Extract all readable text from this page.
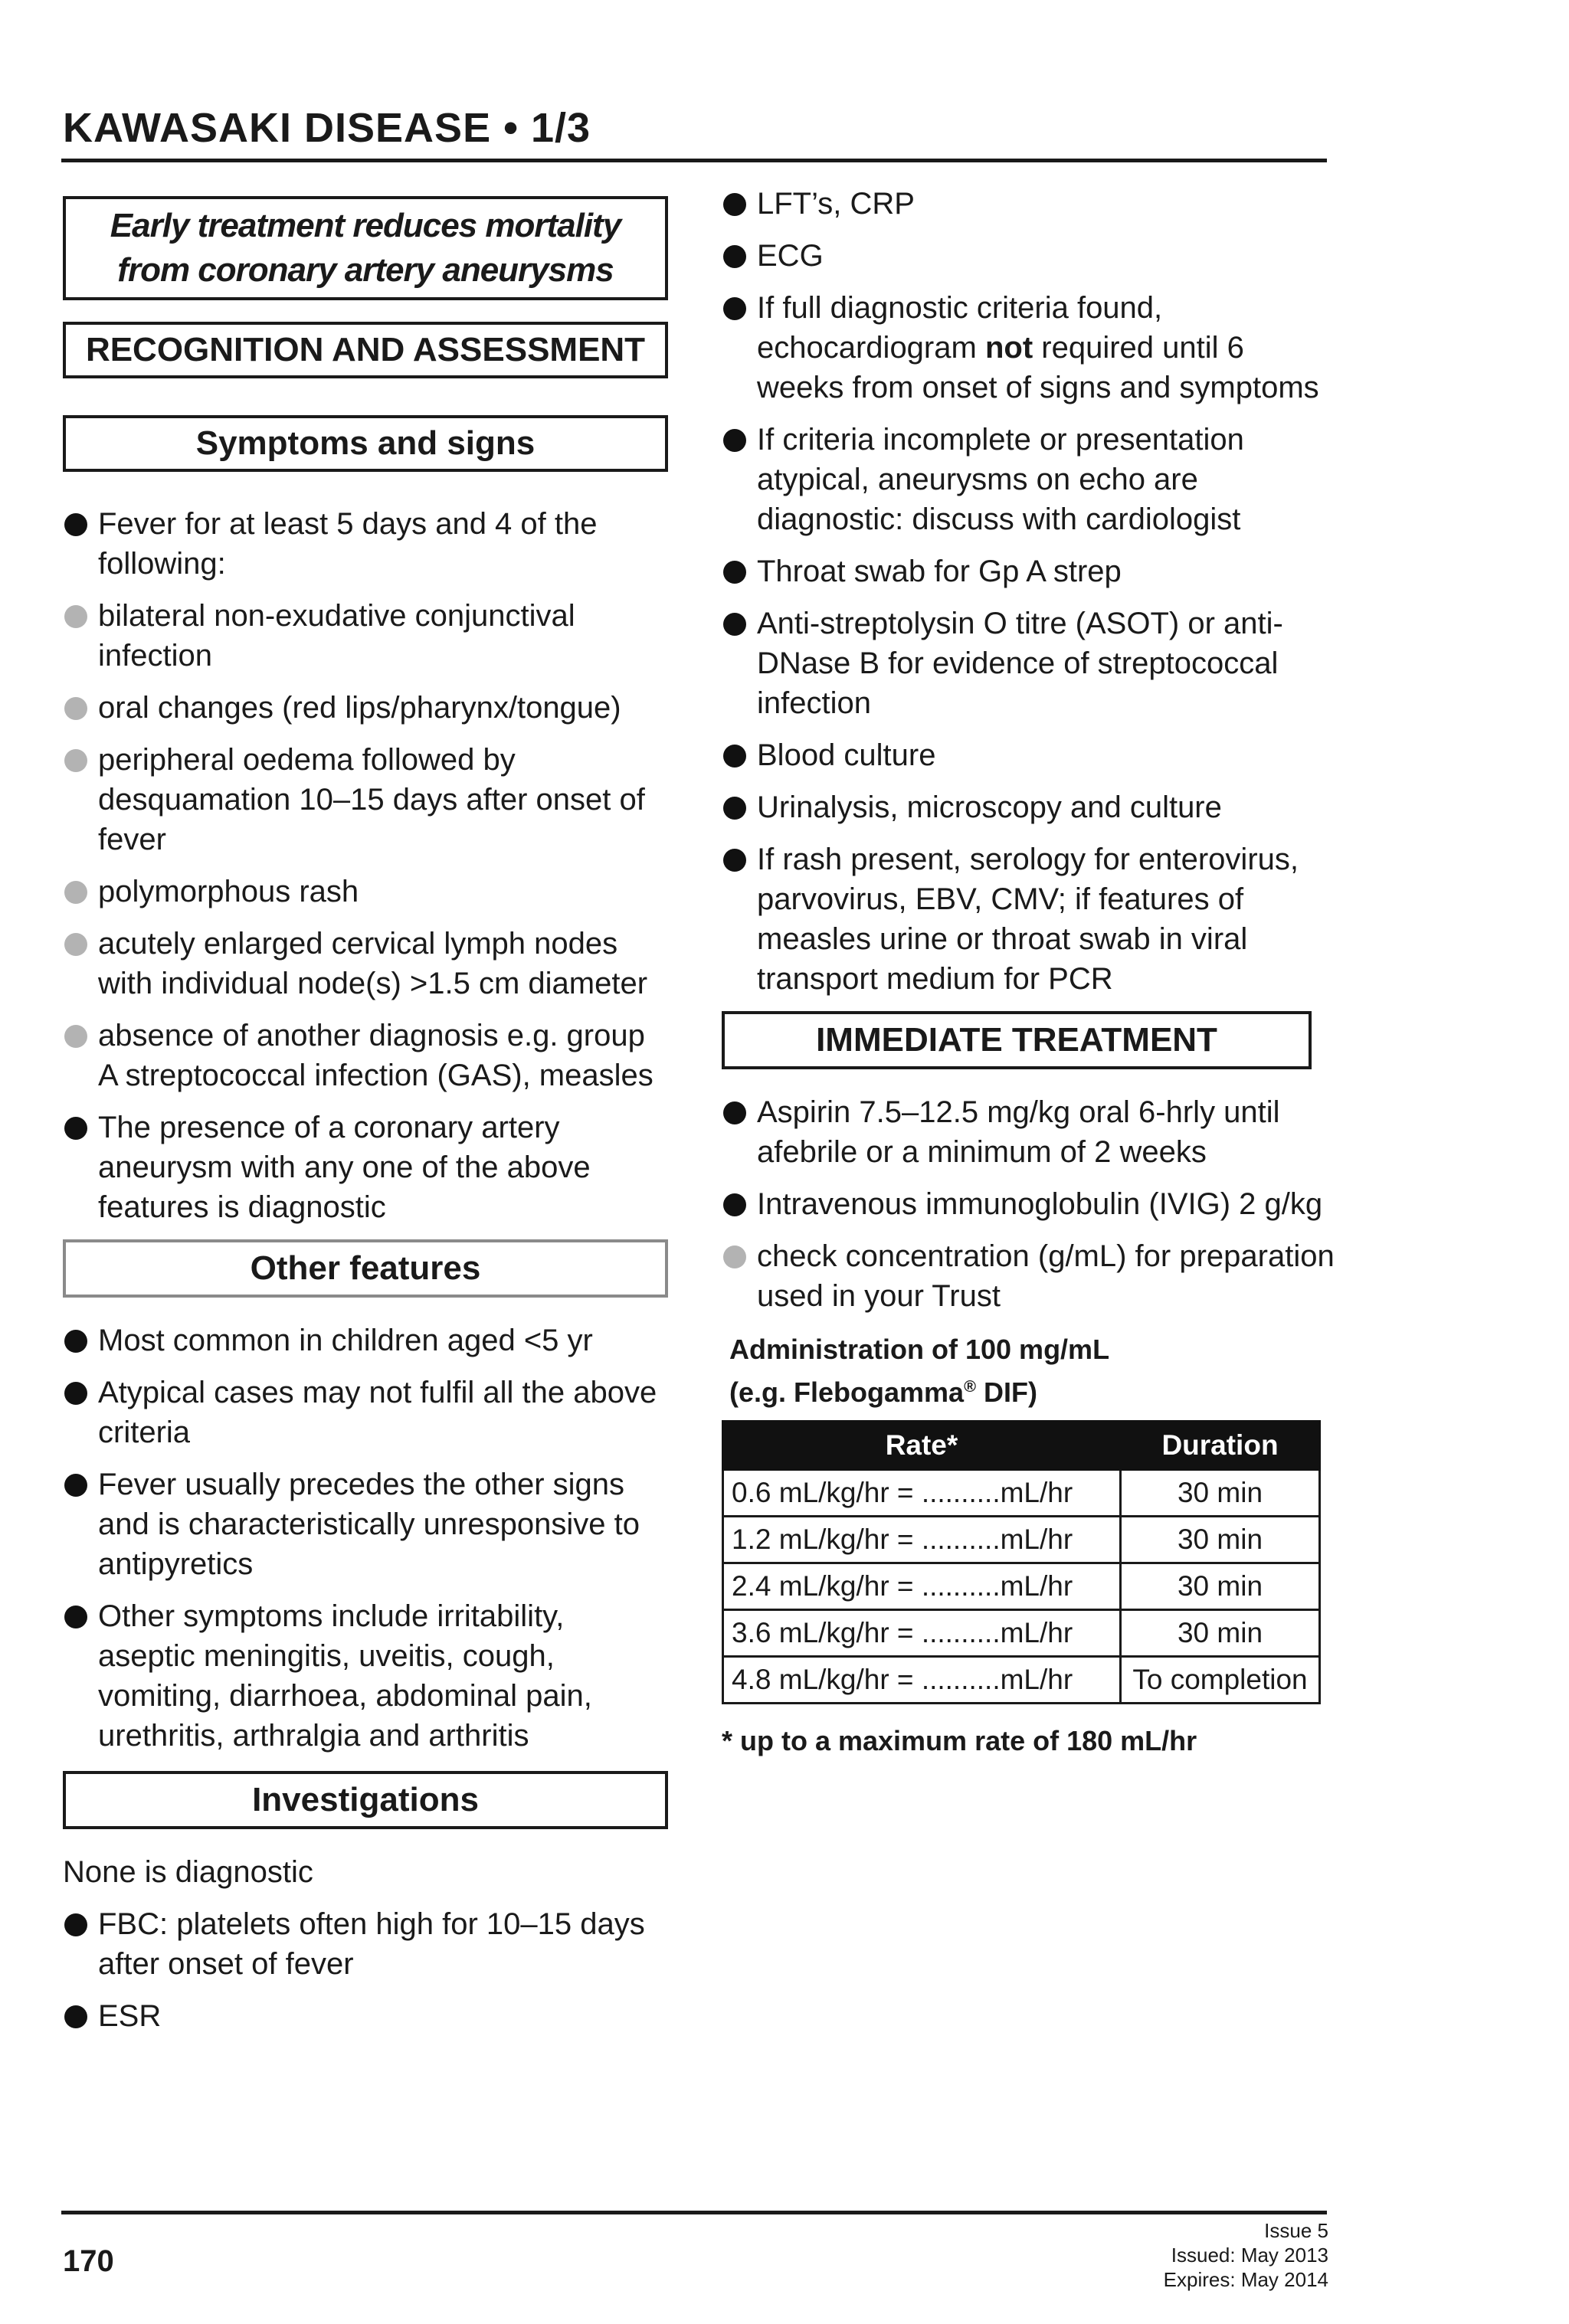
KAWASAKI DISEASE • 1/3
Early treatment reduces mortality from coronary artery aneurysms
RECOGNITION AND ASSESSMENT
Symptoms and signs
Fever for at least 5 days and 4 of the following:
bilateral non-exudative conjunctival infection
oral changes (red lips/pharynx/tongue)
peripheral oedema followed by desquamation 10–15 days after onset of fever
polymorphous rash
acutely enlarged cervical lymph nodes with individual node(s) >1.5 cm diameter
absence of another diagnosis e.g. group A streptococcal infection (GAS), measles
The presence of a coronary artery aneurysm with any one of the above features is diagnostic
Other features
Most common in children aged <5 yr
Atypical cases may not fulfil all the above criteria
Fever usually precedes the other signs and is characteristically unresponsive to antipyretics
Other symptoms include irritability, aseptic meningitis, uveitis, cough, vomiting, diarrhoea, abdominal pain, urethritis, arthralgia and arthritis
Investigations

None is diagnostic

FBC: platelets often high for 10–15 days after onset of fever
ESR
LFT’s, CRP
ECG
If full diagnostic criteria found, echocardiogram not required until 6 weeks from onset of signs and symptoms
If criteria incomplete or presentation atypical, aneurysms on echo are diagnostic: discuss with cardiologist
Throat swab for Gp A strep
Anti-streptolysin O titre (ASOT) or anti-DNase B for evidence of streptococcal infection
Blood culture
Urinalysis, microscopy and culture
If rash present, serology for enterovirus, parvovirus, EBV, CMV; if features of measles urine or throat swab in viral transport medium for PCR
IMMEDIATE TREATMENT
Aspirin 7.5–12.5 mg/kg oral 6-hrly until afebrile or a minimum of 2 weeks
Intravenous immunoglobulin (IVIG) 2 g/kg
check concentration (g/mL) for preparation used in your Trust
Administration of 100 mg/mL
(e.g. Flebogamma® DIF)
Rate*	Duration
0.6 mL/kg/hr = ..........mL/hr	30 min
1.2 mL/kg/hr = ..........mL/hr	30 min
2.4 mL/kg/hr = ..........mL/hr	30 min
3.6 mL/kg/hr = ..........mL/hr	30 min
4.8 mL/kg/hr = ..........mL/hr	To completion

* up to a maximum rate of 180 mL/hr

170
Issue 5
Issued: May 2013
Expires: May 2014
